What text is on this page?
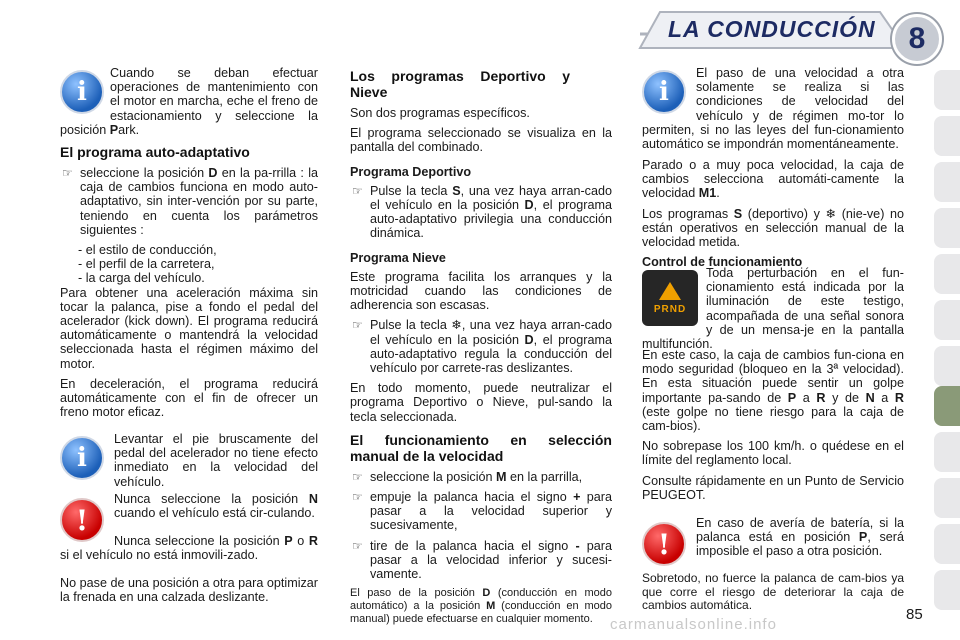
LA CONDUCCIÓN	8
i
Cuando se deban efectuar operaciones de mantenimiento con el motor en marcha, eche el freno de estacionamiento y seleccione la posición Park.
El programa auto-adaptativo
☞ seleccione la posición D en la pa-rrilla : la caja de cambios funciona en modo auto-adaptativo, sin inter-vención por su parte, teniendo en cuenta los parámetros siguientes :
- el estilo de conducción,
- el perfil de la carretera,
- la carga del vehículo.

Para obtener una aceleración máxima sin tocar la palanca, pise a fondo el pedal del acelerador (kick down). El programa reducirá automáticamente o mantendrá la velocidad seleccionada hasta el régimen máximo del motor.

En deceleración, el programa reducirá automáticamente con el fin de ofrecer un freno motor eficaz.

i
Levantar el pie bruscamente del pedal del acelerador no tiene efecto inmediato en la velocidad del vehículo.
!
Nunca seleccione la posición N cuando el vehículo está cir-culando.
Nunca seleccione la posición P o R si el vehículo no está inmovili-zado.
No pase de una posición a otra para optimizar la frenada en una calzada deslizante.
Los programas Deportivo y Nieve

Son dos programas específicos.

El programa seleccionado se visualiza en la pantalla del combinado.

Programa Deportivo
☞ Pulse la tecla S, una vez haya arran-cado el vehículo en la posición D, el programa auto-adaptativo privilegia una conducción dinámica.
Programa Nieve

Este programa facilita los arranques y la motricidad cuando las condiciones de adherencia son escasas.

☞ Pulse la tecla ❄, una vez haya arran-cado el vehículo en la posición D, el programa auto-adaptativo regula la conducción del vehículo por carrete-ras deslizantes.

En todo momento, puede neutralizar el programa Deportivo o Nieve, pul-sando la tecla seleccionada.

El funcionamiento en selección manual de la velocidad
☞ seleccione la posición M en la parrilla,
☞ empuje la palanca hacia el signo + para pasar a la velocidad superior y sucesivamente,
☞ tire de la palanca hacia el signo - para pasar a la velocidad inferior y sucesi-vamente.

El paso de la posición D (conducción en modo automático) a la posición M (conducción en modo manual) puede efectuarse en cualquier momento.

i
El paso de una velocidad a otra solamente se realiza si las condiciones de velocidad del vehículo y de régimen mo-tor lo permiten, si no las leyes del fun-cionamiento automático se impondrán momentáneamente.

Parado o a muy poca velocidad, la caja de cambios selecciona automáti-camente la velocidad M1.

Los programas S (deportivo) y ❄ (nie-ve) no están operativos en selección manual de la velocidad metida.

Control de funcionamiento
PRND
Toda perturbación en el fun-cionamiento está indicada por la iluminación de este testigo, acompañada de una señal sonora y de un mensa-je en la pantalla multifunción.

En este caso, la caja de cambios fun-ciona en modo seguridad (bloqueo en la 3ª velocidad). En esta situación puede sentir un golpe importante pa-sando de P a R y de N a R (este golpe no tiene riesgo para la caja de cam-bios).

No sobrepase los 100 km/h. o quédese en el límite del reglamento local.

Consulte rápidamente en un Punto de Servicio PEUGEOT.

!
En caso de avería de batería, si la palanca está en posición P, será imposible el paso a otra posición.
Sobretodo, no fuerce la palanca de cam-bios ya que corre el riesgo de deteriorar la caja de cambios automática.
85
carmanualsonline.info
